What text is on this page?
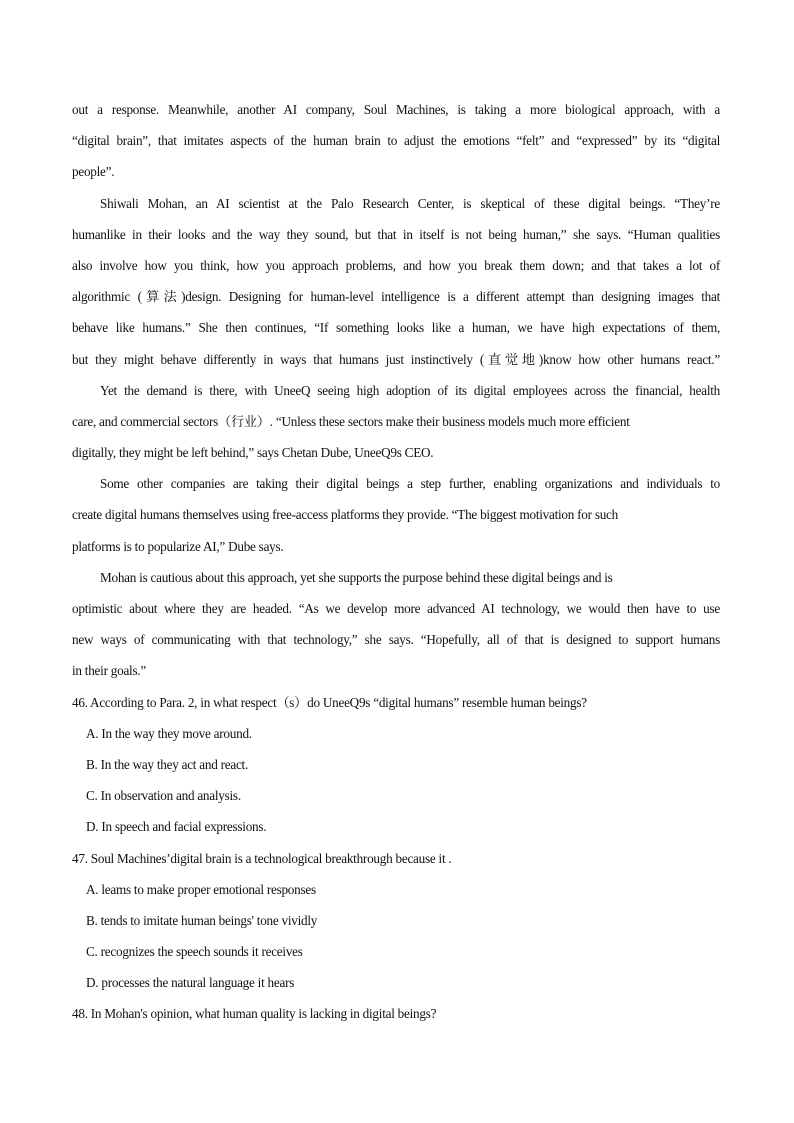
out a response. Meanwhile, another AI company, Soul Machines, is taking a more biological approach, with a
“digital brain”, that imitates aspects of the human brain to adjust the emotions “felt” and “expressed” by its “digital
people”.
Shiwali Mohan, an AI scientist at the Palo Research Center, is skeptical of these digital beings. “They’re
humanlike in their looks and the way they sound, but that in itself is not being human,” she says. “Human qualities
also involve how you think, how you approach problems, and how you break them down; and that takes a lot of
algorithmic (算法)design. Designing for human-level intelligence is a different attempt than designing images that
behave like humans.” She then continues, “If something looks like a human, we have high expectations of them,
but they might behave differently in ways that humans just instinctively (直觉地)know how other humans react.”
Yet the demand is there, with UneeQ seeing high adoption of its digital employees across the financial, health
care, and commercial sectors（行业）. “Unless these sectors make their business models much more efficient
digitally, they might be left behind,” says Chetan Dube, UneeQ9s CEO.
Some other companies are taking their digital beings a step further, enabling organizations and individuals to
create digital humans themselves using free-access platforms they provide. “The biggest motivation for such
platforms is to popularize AI,” Dube says.
Mohan is cautious about this approach, yet she supports the purpose behind these digital beings and is
optimistic about where they are headed. “As we develop more advanced AI technology, we would then have to use
new ways of communicating with that technology,” she says. “Hopefully, all of that is designed to support humans
in their goals.”
46. According to Para. 2, in what respect（s）do UneeQ9s “digital humans” resemble human beings?
A. In the way they move around.
B. In the way they act and react.
C. In observation and analysis.
D. In speech and facial expressions.
47. Soul Machines’digital brain is a technological breakthrough because it .
A. leams to make proper emotional responses
B. tends to imitate human beings' tone vividly
C. recognizes the speech sounds it receives
D. processes the natural language it hears
48. In Mohan's opinion, what human quality is lacking in digital beings?
